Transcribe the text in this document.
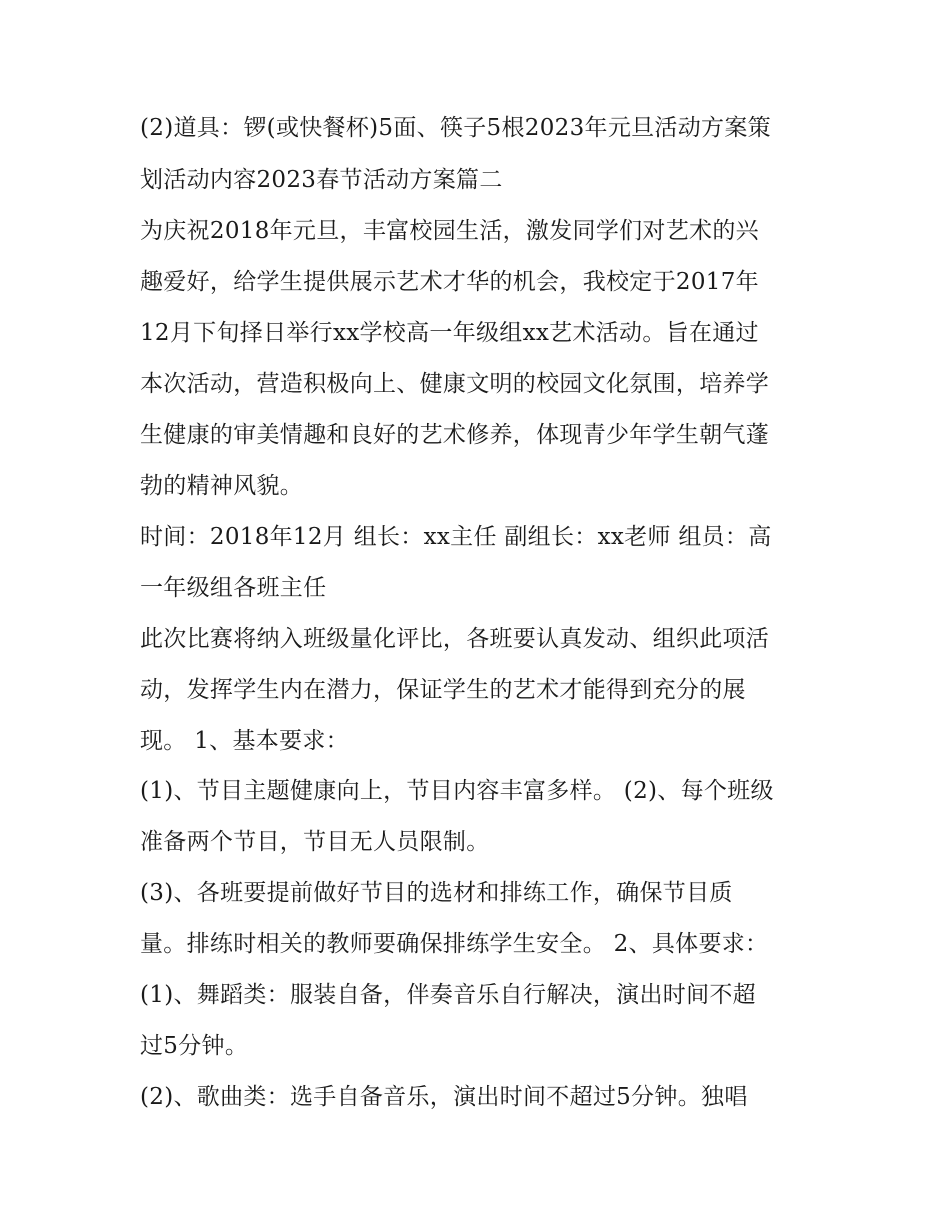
(2)道具：锣(或快餐杯)5面、筷子5根2023年元旦活动方案策
划活动内容2023春节活动方案篇二
为庆祝2018年元旦，丰富校园生活，激发同学们对艺术的兴
趣爱好，给学生提供展示艺术才华的机会，我校定于2017年
12月下旬择日举行xx学校高一年级组xx艺术活动。旨在通过
本次活动，营造积极向上、健康文明的校园文化氛围，培养学
生健康的审美情趣和良好的艺术修养，体现青少年学生朝气蓬
勃的精神风貌。
时间：2018年12月 组长：xx主任 副组长：xx老师 组员：高
一年级组各班主任
此次比赛将纳入班级量化评比，各班要认真发动、组织此项活
动，发挥学生内在潜力，保证学生的艺术才能得到充分的展
现。 1、基本要求：
(1)、节目主题健康向上，节目内容丰富多样。 (2)、每个班级
准备两个节目，节目无人员限制。
(3)、各班要提前做好节目的选材和排练工作，确保节目质
量。排练时相关的教师要确保排练学生安全。 2、具体要求：
(1)、舞蹈类：服装自备，伴奏音乐自行解决，演出时间不超
过5分钟。
(2)、歌曲类：选手自备音乐，演出时间不超过5分钟。独唱
